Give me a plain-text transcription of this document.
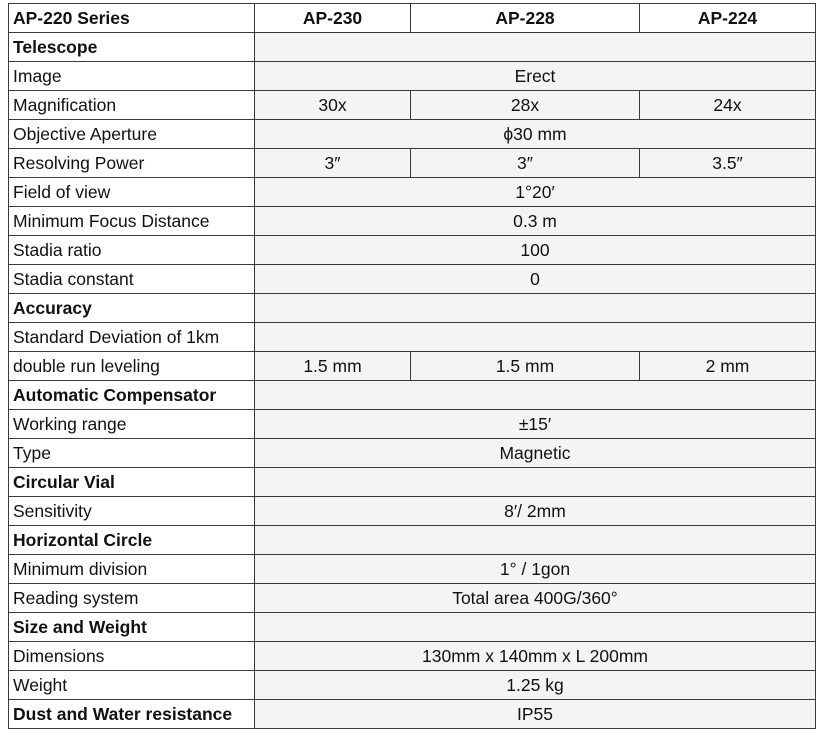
AP-220 Series	AP-230	AP-228	AP-224
Telescope			
Image	Erect		
Magnification	30x	28x	24x
Objective Aperture	ϕ30 mm		
Resolving Power	3″	3″	3.5″
Field of view	1°20′		
Minimum Focus Distance	0.3 m		
Stadia ratio	100		
Stadia constant	0		
Accuracy			
Standard Deviation of 1km			
double run leveling	1.5 mm	1.5 mm	2 mm
Automatic Compensator			
Working range	±15′		
Type	Magnetic		
Circular Vial			
Sensitivity	8′/ 2mm		
Horizontal Circle			
Minimum division	1° / 1gon		
Reading system	Total area 400G/360°		
Size and Weight			
Dimensions	130mm x 140mm x L 200mm		
Weight	1.25 kg		
Dust and Water resistance	IP55		
